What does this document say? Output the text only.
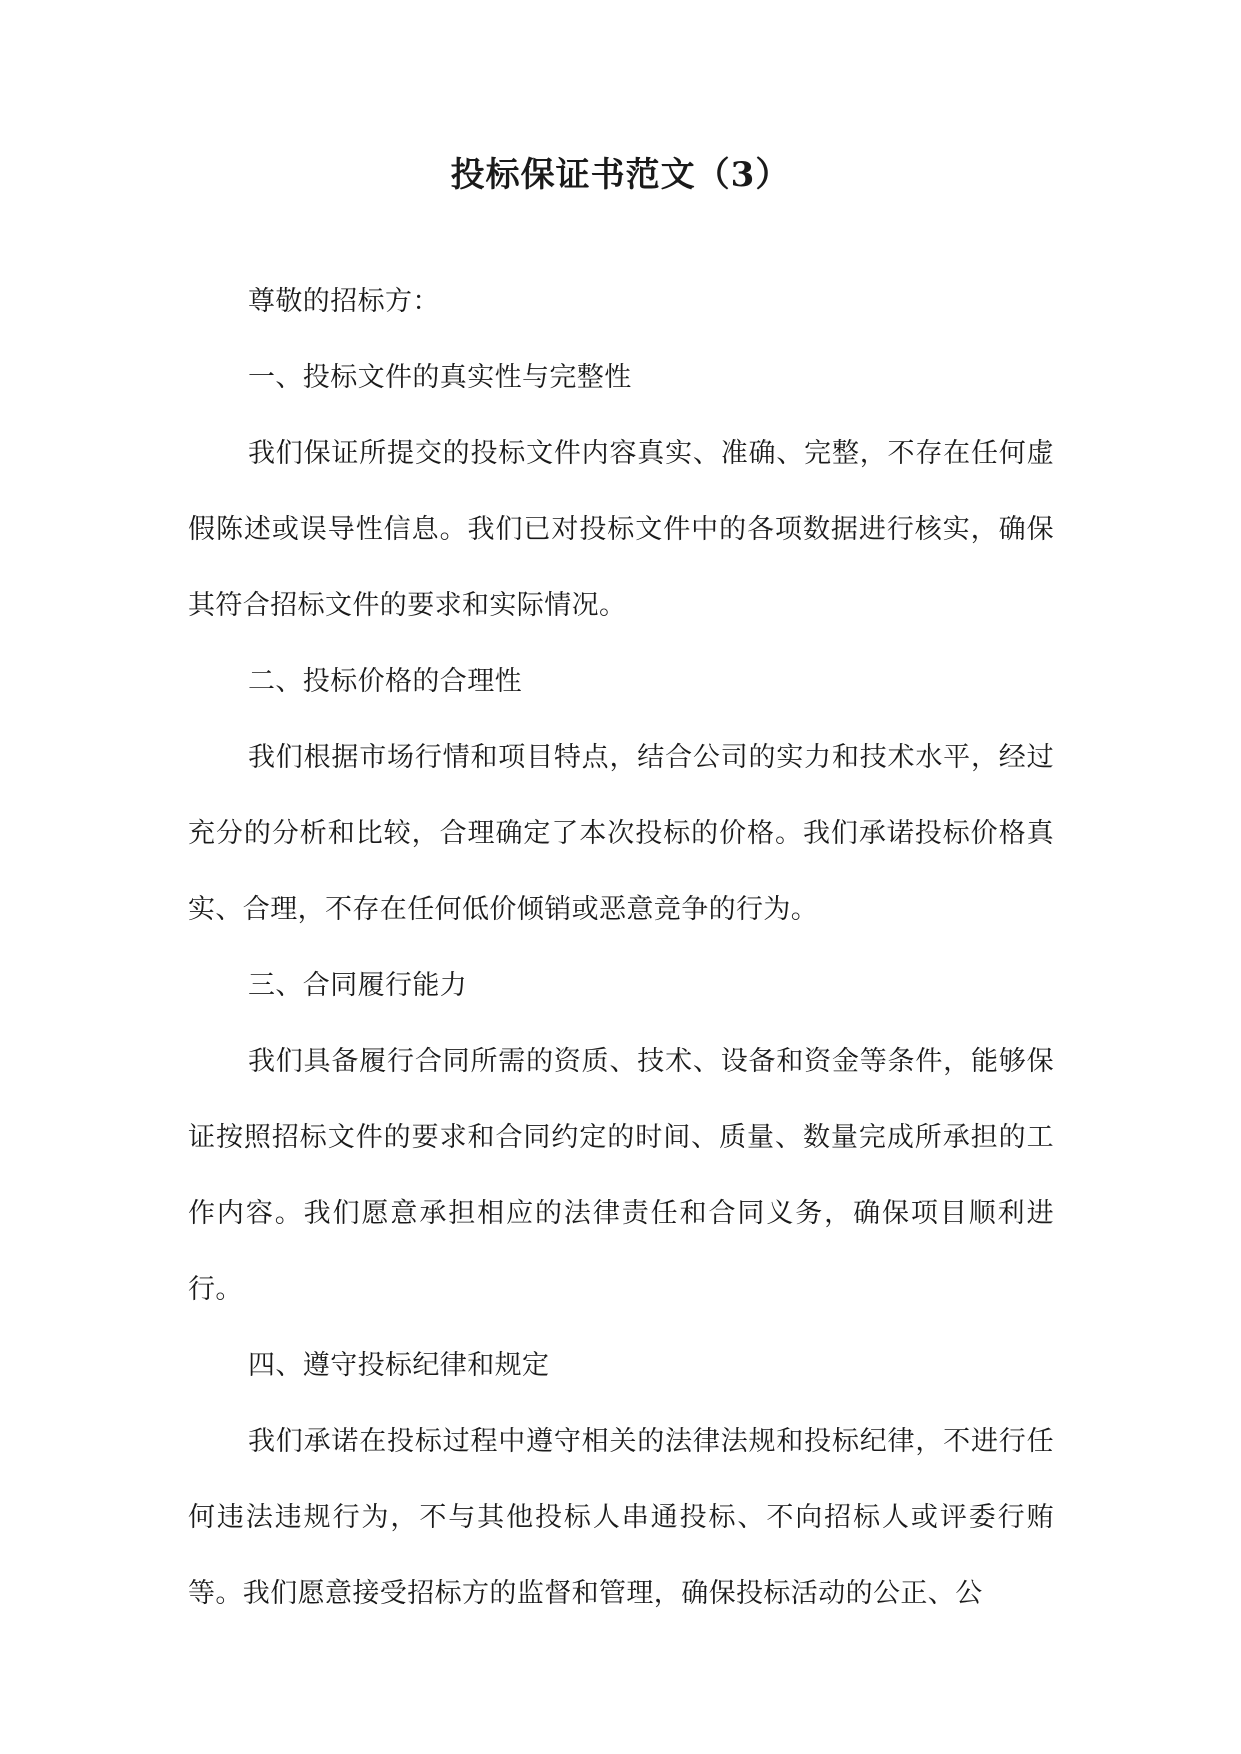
投标保证书范文（3）

尊敬的招标方：

一、投标文件的真实性与完整性

我们保证所提交的投标文件内容真实、准确、完整，不存在任何虚假陈述或误导性信息。我们已对投标文件中的各项数据进行核实，确保其符合招标文件的要求和实际情况。

二、投标价格的合理性

我们根据市场行情和项目特点，结合公司的实力和技术水平，经过充分的分析和比较，合理确定了本次投标的价格。我们承诺投标价格真实、合理，不存在任何低价倾销或恶意竞争的行为。

三、合同履行能力

我们具备履行合同所需的资质、技术、设备和资金等条件，能够保证按照招标文件的要求和合同约定的时间、质量、数量完成所承担的工作内容。我们愿意承担相应的法律责任和合同义务，确保项目顺利进行。

四、遵守投标纪律和规定

我们承诺在投标过程中遵守相关的法律法规和投标纪律，不进行任何违法违规行为，不与其他投标人串通投标、不向招标人或评委行贿等。我们愿意接受招标方的监督和管理，确保投标活动的公正、公
